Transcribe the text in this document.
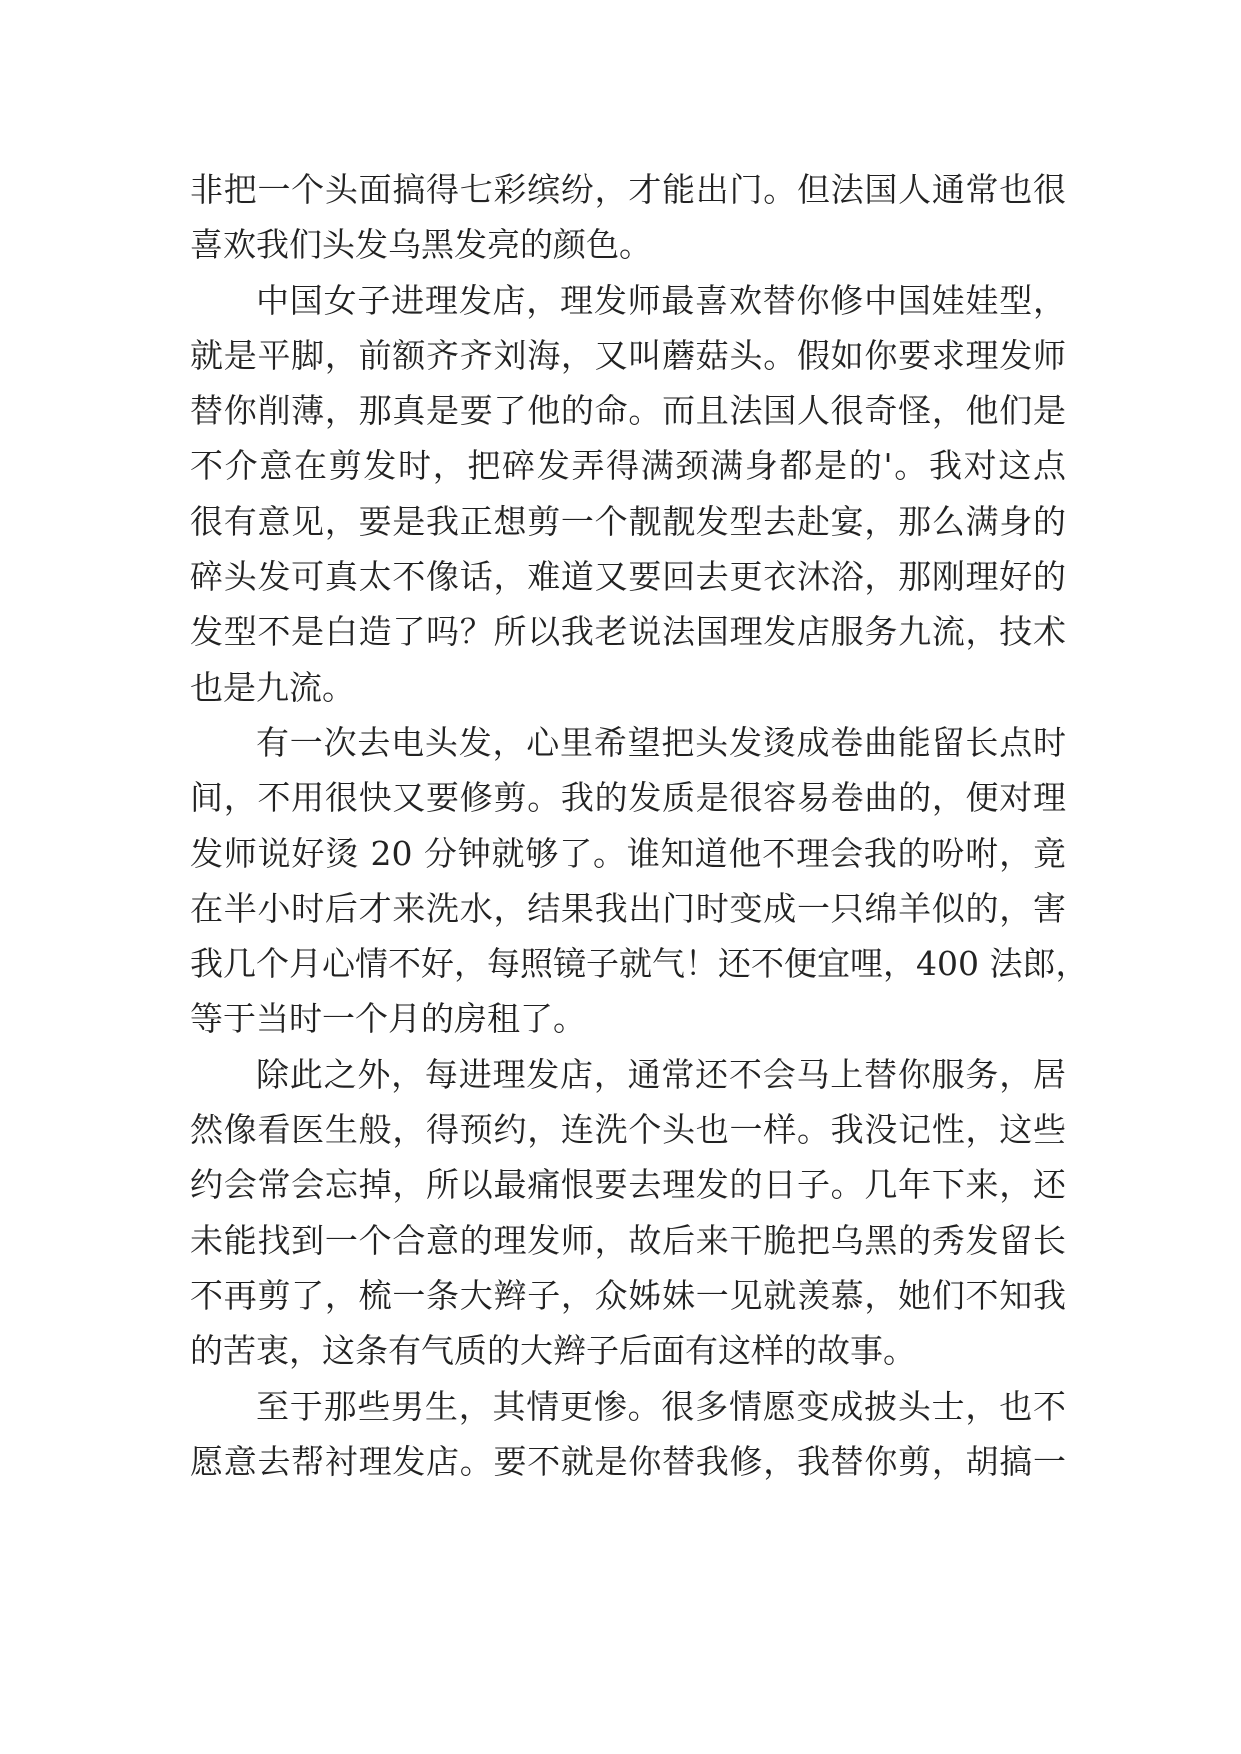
非把一个头面搞得七彩缤纷，才能出门。但法国人通常也很
喜欢我们头发乌黑发亮的颜色。
中国女子进理发店，理发师最喜欢替你修中国娃娃型，
就是平脚，前额齐齐刘海，又叫蘑菇头。假如你要求理发师
替你削薄，那真是要了他的命。而且法国人很奇怪，他们是
不介意在剪发时，把碎发弄得满颈满身都是的'。我对这点
很有意见，要是我正想剪一个靓靓发型去赴宴，那么满身的
碎头发可真太不像话，难道又要回去更衣沐浴，那刚理好的
发型不是白造了吗？所以我老说法国理发店服务九流，技术
也是九流。
有一次去电头发，心里希望把头发烫成卷曲能留长点时
间，不用很快又要修剪。我的发质是很容易卷曲的，便对理
发师说好烫 20 分钟就够了。谁知道他不理会我的吩咐，竟
在半小时后才来洗水，结果我出门时变成一只绵羊似的，害
我几个月心情不好，每照镜子就气！还不便宜哩，400 法郎，
等于当时一个月的房租了。
除此之外，每进理发店，通常还不会马上替你服务，居
然像看医生般，得预约，连洗个头也一样。我没记性，这些
约会常会忘掉，所以最痛恨要去理发的日子。几年下来，还
未能找到一个合意的理发师，故后来干脆把乌黑的秀发留长
不再剪了，梳一条大辫子，众姊妹一见就羡慕，她们不知我
的苦衷，这条有气质的大辫子后面有这样的故事。
至于那些男生，其情更惨。很多情愿变成披头士，也不
愿意去帮衬理发店。要不就是你替我修，我替你剪，胡搞一
